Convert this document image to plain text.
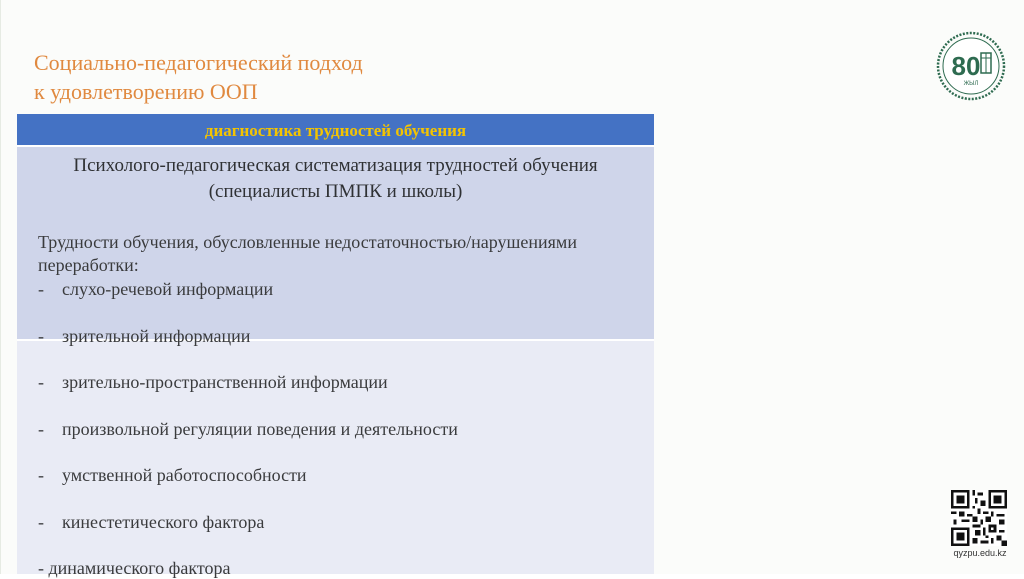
Социально-педагогический подход
к удовлетворению ООП
диагностика трудностей обучения
Психолого-педагогическая систематизация трудностей обучения
(специалисты ПМПК и школы)
Трудности обучения, обусловленные недостаточностью/нарушениями
переработки:
- слухо-речевой информации
- зрительной информации
- зрительно-пространственной информации
- произвольной регуляции поведения и деятельности
- умственной работоспособности
- кинестетического фактора
- динамического фактора
80
ЖЫЛ
qyzpu.edu.kz
